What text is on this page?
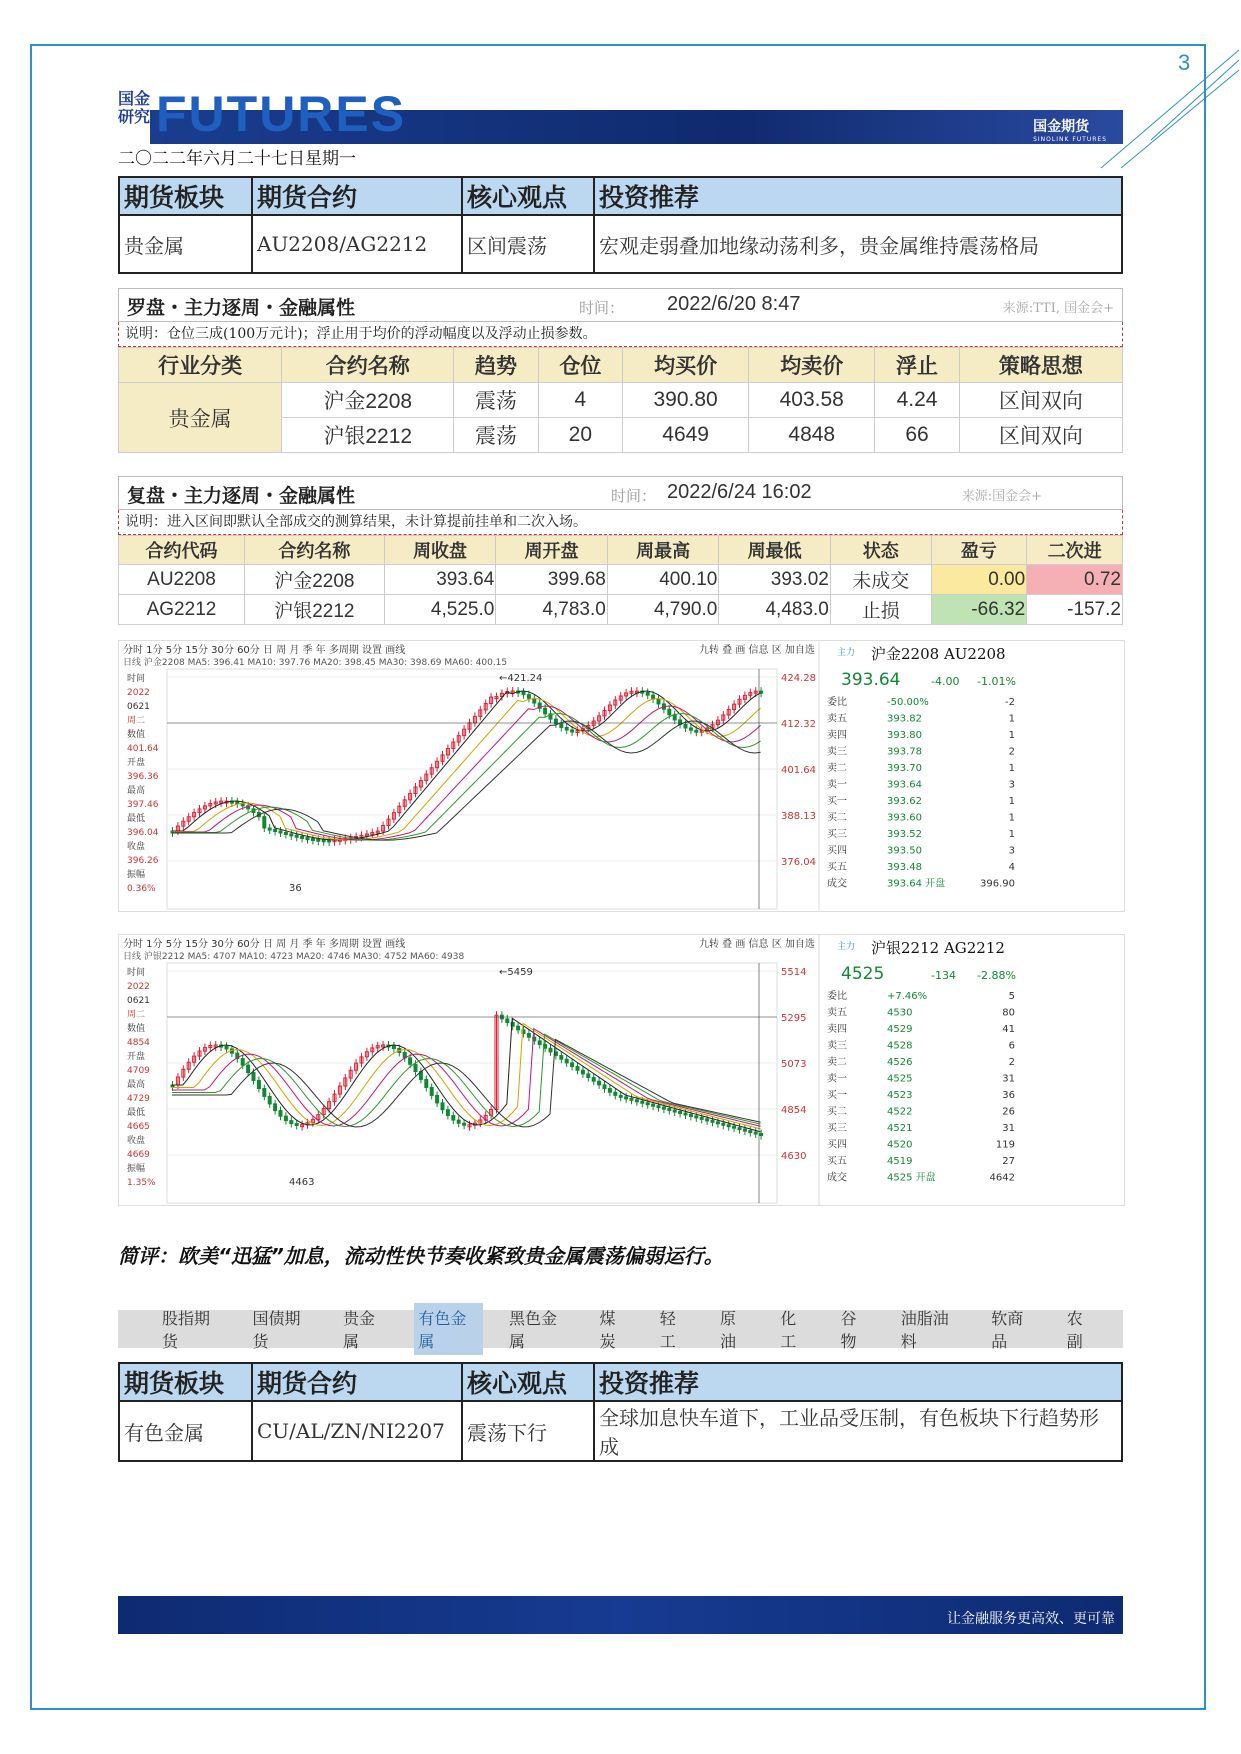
3
国金研究 FUTURES	国金期货
SINOLINK FUTURES
二〇二二年六月二十七日星期一
期货板块	期货合约	核心观点	投资推荐
贵金属	AU2208/AG2212	区间震荡	宏观走弱叠加地缘动荡利多，贵金属维持震荡格局
罗盘・主力逐周・金融属性	时间： 2022/6/20 8:47	来源:TTI, 国金会+
说明：仓位三成(100万元计)；浮止用于均价的浮动幅度以及浮动止损参数。
行业分类	合约名称	趋势	仓位	均买价	均卖价	浮止	策略思想
贵金属	沪金2208	震荡	4	390.80	403.58	4.24	区间双向
	沪银2212	震荡	20	4649	4848	66	区间双向
复盘・主力逐周・金融属性	时间： 2022/6/24 16:02	来源:国金会+
说明：进入区间即默认全部成交的测算结果，未计算提前挂单和二次入场。
合约代码	合约名称	周收盘	周开盘	周最高	周最低	状态	盈亏	二次进
AU2208	沪金2208	393.64	399.68	400.10	393.02	未成交	0.00	0.72
AG2212	沪银2212	4,525.0	4,783.0	4,790.0	4,483.0	止损	-66.32	-157.2
分时 1分 5分 15分 30分 60分 日 周 月 季 年 多周期 设置 画线	九转 叠 画 信息 区 加自选
日线 沪金2208 MA5: 396.41 MA10: 397.76 MA20: 398.45 MA30: 398.69 MA60: 400.15
424.28
412.32
401.64
388.13
376.04
时间
2022
0621
周二
数值
401.64
开盘
396.36
最高
397.46
最低
396.04
收盘
396.26
振幅
0.36%
←421.24
36
主力 沪金2208 AU2208
393.64	-4.00 -1.01%
委比	-50.00%	-2
卖五	393.82	1
卖四	393.80	1
卖三	393.78	2
卖二	393.70	1
卖一	393.64	3
买一	393.62	1
买二	393.60	1
买三	393.52	1
买四	393.50	3
买五	393.48	4
成交	393.64 开盘	396.90
分时 1分 5分 15分 30分 60分 日 周 月 季 年 多周期 设置 画线	九转 叠 画 信息 区 加自选
日线 沪银2212 MA5: 4707 MA10: 4723 MA20: 4746 MA30: 4752 MA60: 4938
5514
5295
5073
4854
4630
时间
2022
0621
周二
数值
4854
开盘
4709
最高
4729
最低
4665
收盘
4669
振幅
1.35%
←5459
4463
主力 沪银2212 AG2212
4525	-134 -2.88%
委比	+7.46%	5
卖五	4530	80
卖四	4529	41
卖三	4528	6
卖二	4526	2
卖一	4525	31
买一	4523	36
买二	4522	26
买三	4521	31
买四	4520	119
买五	4519	27
成交	4525 开盘	4642
简评：欧美“迅猛”加息，流动性快节奏收紧致贵金属震荡偏弱运行。
股指期货
国债期货
贵金属
有色金属
黑色金属
煤炭
轻工
原油
化工
谷物
油脂油料
软商品
农副
期货板块	期货合约	核心观点	投资推荐
有色金属	CU/AL/ZN/NI2207	震荡下行	全球加息快车道下，工业品受压制，有色板块下行趋势形成
让金融服务更高效、更可靠
